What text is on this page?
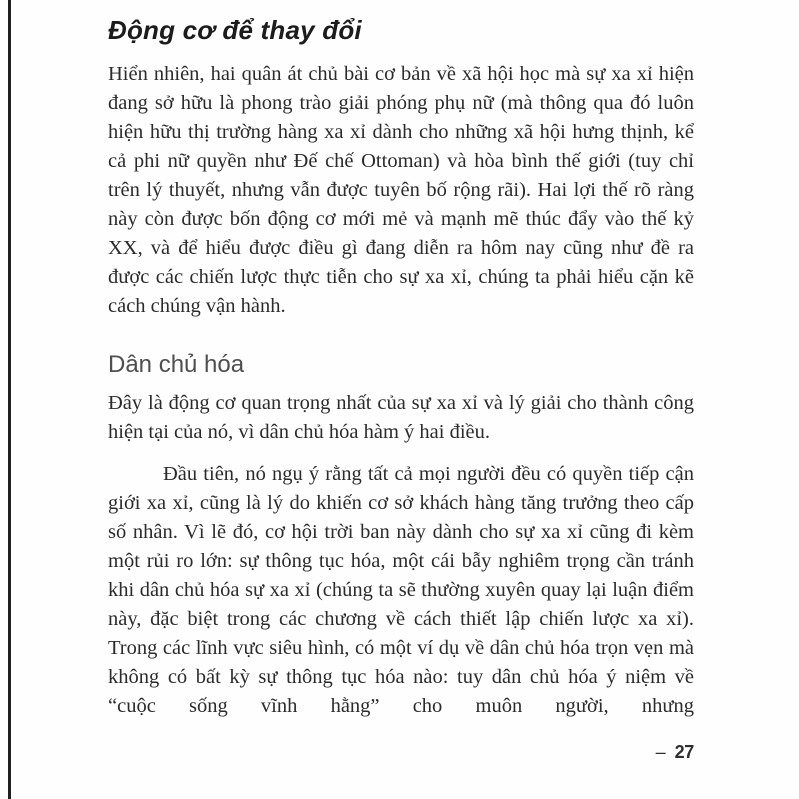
Động cơ để thay đổi

Hiển nhiên, hai quân át chủ bài cơ bản về xã hội học mà sự xa xỉ hiện đang sở hữu là phong trào giải phóng phụ nữ (mà thông qua đó luôn hiện hữu thị trường hàng xa xỉ dành cho những xã hội hưng thịnh, kể cả phi nữ quyền như Đế chế Ottoman) và hòa bình thế giới (tuy chỉ trên lý thuyết, nhưng vẫn được tuyên bố rộng rãi). Hai lợi thế rõ ràng này còn được bốn động cơ mới mẻ và mạnh mẽ thúc đẩy vào thế kỷ XX, và để hiểu được điều gì đang diễn ra hôm nay cũng như đề ra được các chiến lược thực tiễn cho sự xa xỉ, chúng ta phải hiểu cặn kẽ cách chúng vận hành.

Dân chủ hóa

Đây là động cơ quan trọng nhất của sự xa xỉ và lý giải cho thành công hiện tại của nó, vì dân chủ hóa hàm ý hai điều.

Đầu tiên, nó ngụ ý rằng tất cả mọi người đều có quyền tiếp cận giới xa xỉ, cũng là lý do khiến cơ sở khách hàng tăng trưởng theo cấp số nhân. Vì lẽ đó, cơ hội trời ban này dành cho sự xa xỉ cũng đi kèm một rủi ro lớn: sự thông tục hóa, một cái bẫy nghiêm trọng cần tránh khi dân chủ hóa sự xa xỉ (chúng ta sẽ thường xuyên quay lại luận điểm này, đặc biệt trong các chương về cách thiết lập chiến lược xa xỉ). Trong các lĩnh vực siêu hình, có một ví dụ về dân chủ hóa trọn vẹn mà không có bất kỳ sự thông tục hóa nào: tuy dân chủ hóa ý niệm về “cuộc sống vĩnh hằng” cho muôn người, nhưng

– 27
